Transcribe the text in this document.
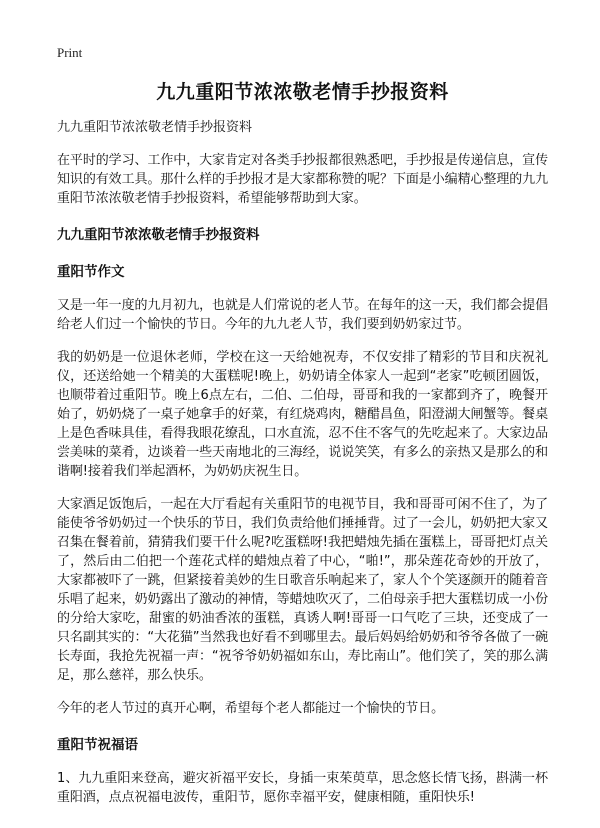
Print
九九重阳节浓浓敬老情手抄报资料
九九重阳节浓浓敬老情手抄报资料

在平时的学习、工作中，大家肯定对各类手抄报都很熟悉吧，手抄报是传递信息，宣传知识的有效工具。那什么样的手抄报才是大家都称赞的呢？下面是小编精心整理的九九重阳节浓浓敬老情手抄报资料，希望能够帮助到大家。

九九重阳节浓浓敬老情手抄报资料
重阳节作文

又是一年一度的九月初九，也就是人们常说的老人节。在每年的这一天，我们都会提倡给老人们过一个愉快的节日。今年的九九老人节，我们要到奶奶家过节。

我的奶奶是一位退休老师，学校在这一天给她祝寿，不仅安排了精彩的节目和庆祝礼仪，还送给她一个精美的大蛋糕呢!晚上，奶奶请全体家人一起到“老家”吃顿团圆饭，也顺带着过重阳节。晚上6点左右，二伯、二伯母，哥哥和我的一家都到齐了，晚餐开始了，奶奶烧了一桌子她拿手的好菜，有红烧鸡肉，糖醋昌鱼，阳澄湖大闸蟹等。餐桌上是色香味具佳，看得我眼花缭乱，口水直流，忍不住不客气的先吃起来了。大家边品尝美味的菜肴，边谈着一些天南地北的三海经，说说笑笑，有多么的亲热又是那么的和谐啊!接着我们举起酒杯，为奶奶庆祝生日。

大家酒足饭饱后，一起在大厅看起有关重阳节的电视节目，我和哥哥可闲不住了，为了能使爷爷奶奶过一个快乐的节日，我们负责给他们捶捶背。过了一会儿，奶奶把大家又召集在餐着前，猜猜我们要干什么呢?吃蛋糕呀!我把蜡烛先插在蛋糕上，哥哥把灯点关了，然后由二伯把一个莲花式样的蜡烛点着了中心，“啪!”，那朵莲花奇妙的开放了，大家都被吓了一跳，但紧接着美妙的生日歌音乐响起来了，家人个个笑逐颜开的随着音乐唱了起来，奶奶露出了激动的神情，等蜡烛吹灭了，二伯母亲手把大蛋糕切成一小份的分给大家吃，甜蜜的奶油香浓的蛋糕，真诱人啊!哥哥一口气吃了三块，还变成了一只名副其实的：“大花猫”当然我也好看不到哪里去。最后妈妈给奶奶和爷爷各做了一碗长寿面，我抢先祝福一声：“祝爷爷奶奶福如东山，寿比南山”。他们笑了，笑的那么满足，那么慈祥，那么快乐。

今年的老人节过的真开心啊，希望每个老人都能过一个愉快的节日。

重阳节祝福语

1、九九重阳来登高，避灾祈福平安长，身插一束茱萸草，思念悠长情飞扬，斟满一杯重阳酒，点点祝福电波传，重阳节，愿你幸福平安，健康相随，重阳快乐!
